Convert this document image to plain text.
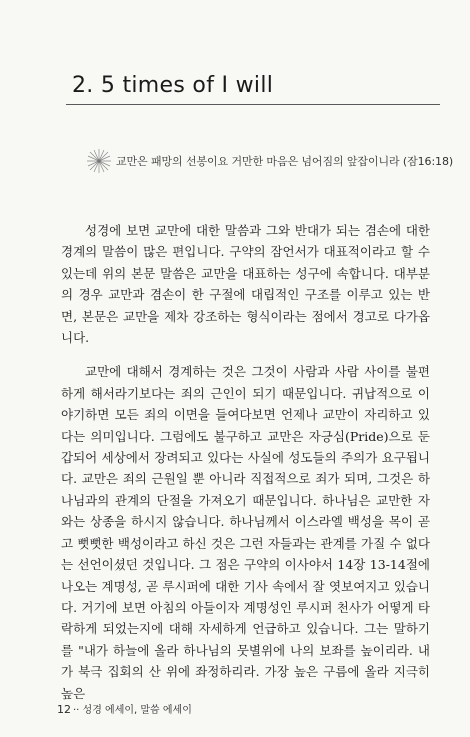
2. 5 times of I will
교만은 패망의 선봉이요 거만한 마음은 넘어짐의 앞잡이니라 (잠16:18)

성경에 보면 교만에 대한 말씀과 그와 반대가 되는 겸손에 대한 경계의 말씀이 많은 편입니다. 구약의 잠언서가 대표적이라고 할 수 있는데 위의 본문 말씀은 교만을 대표하는 성구에 속합니다. 대부분의 경우 교만과 겸손이 한 구절에 대립적인 구조를 이루고 있는 반면, 본문은 교만을 제차 강조하는 형식이라는 점에서 경고로 다가옵니다.

교만에 대해서 경계하는 것은 그것이 사람과 사람 사이를 불편하게 해서라기보다는 죄의 근인이 되기 때문입니다. 귀납적으로 이야기하면 모든 죄의 이면을 들여다보면 언제나 교만이 자리하고 있다는 의미입니다. 그럼에도 불구하고 교만은 자긍심(Pride)으로 둔갑되어 세상에서 장려되고 있다는 사실에 성도들의 주의가 요구됩니다. 교만은 죄의 근원일 뿐 아니라 직접적으로 죄가 되며, 그것은 하나님과의 관계의 단절을 가져오기 때문입니다. 하나님은 교만한 자와는 상종을 하시지 않습니다. 하나님께서 이스라엘 백성을 목이 곧고 뻣뻣한 백성이라고 하신 것은 그런 자들과는 관계를 가질 수 없다는 선언이셨던 것입니다. 그 점은 구약의 이사야서 14장 13-14절에 나오는 계명성, 곧 루시퍼에 대한 기사 속에서 잘 엿보여지고 있습니다. 거기에 보면 아침의 아들이자 계명성인 루시퍼 천사가 어떻게 타락하게 되었는지에 대해 자세하게 언급하고 있습니다. 그는 말하기를 "내가 하늘에 올라 하나님의 뭇별위에 나의 보좌를 높이리라. 내가 북극 집회의 산 위에 좌정하리라. 가장 높은 구름에 올라 지극히 높은

12 ·· 성경 에세이, 말씀 에세이
